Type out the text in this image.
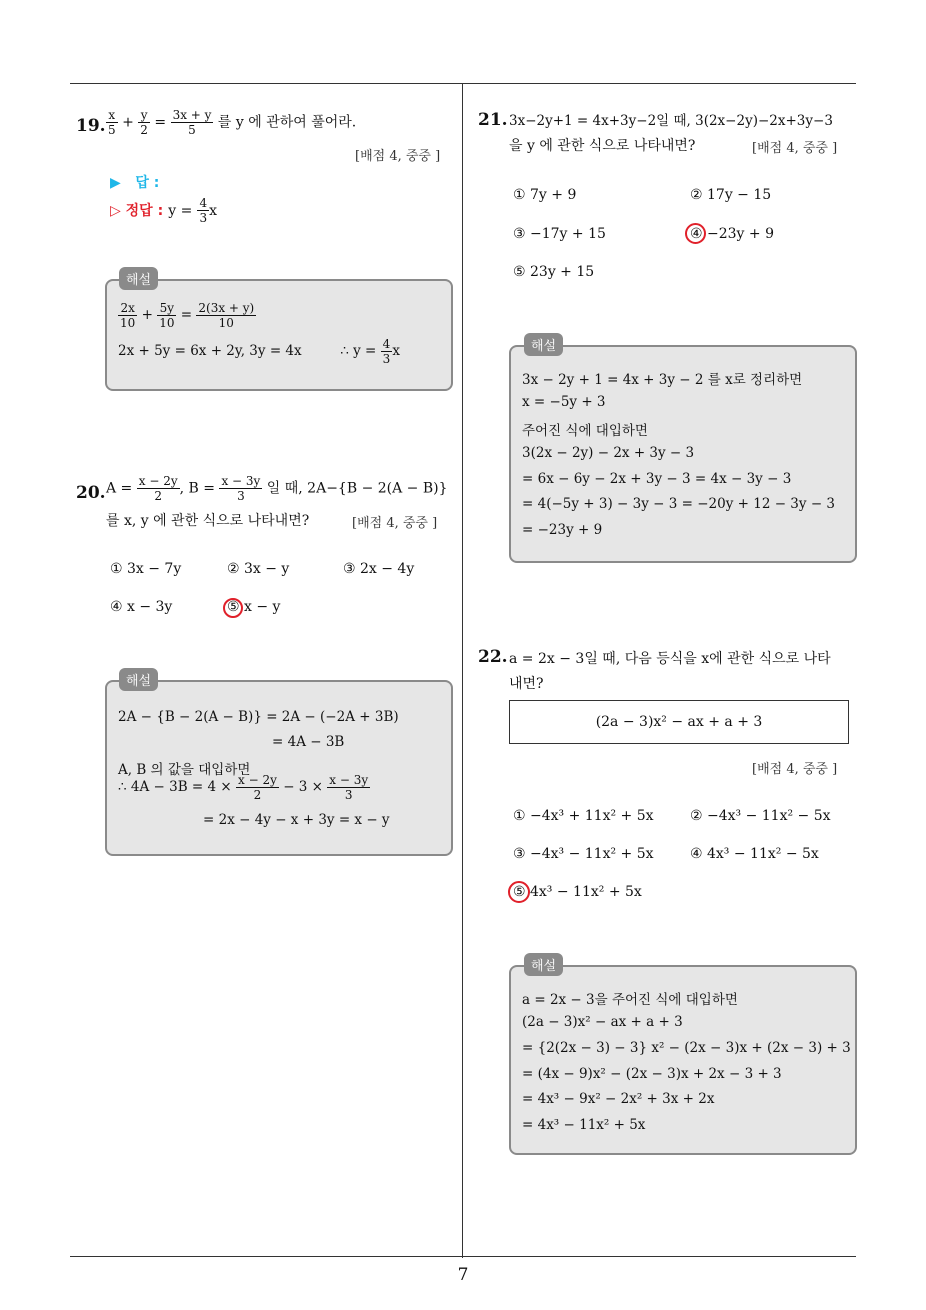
19. $\frac{x}{5} + \frac{y}{2} = \frac{3x + y}{5}$ 를 y 에 관하여 풀어라.
[배점 4, 중중 ]
▶   답 :
▷ 정답 : $y = \frac{4}{3}$ x
해설
$\frac{2x}{10} + \frac{5y}{10} = \frac{2(3x + y)}{10}$
2x + 5y = 6x + 2y, 3y = 4x	∴ $y = \frac{4}{3}$ x
20. $A = \frac{x - 2y}{2}$ , $B = \frac{x - 3y}{3}$ 일 때, 2A−{B − 2(A − B)}
를 x, y 에 관한 식으로 나타내면?	[배점 4, 중중 ]
① 3x − 7y	② 3x − y	③ 2x − 4y
④ x − 3y	⑤ x − y
해설
2A − {B − 2(A − B)} = 2A − (−2A + 3B)
= 4A − 3B
A, B 의 값을 대입하면
∴ $4A - 3B = 4 \times \frac{x - 2y}{2} - 3 \times \frac{x - 3y}{3}$
= 2x − 4y − x + 3y = x − y
21. 3x−2y+1 = 4x+3y−2일 때, 3(2x−2y)−2x+3y−3
을 y 에 관한 식으로 나타내면?	[배점 4, 중중 ]
① 7y + 9	② 17y − 15
③ −17y + 15	④ −23y + 9
⑤ 23y + 15
해설
3x − 2y + 1 = 4x + 3y − 2 를 x로 정리하면
x = −5y + 3
주어진 식에 대입하면
3(2x − 2y) − 2x + 3y − 3
= 6x − 6y − 2x + 3y − 3 = 4x − 3y − 3
= 4(−5y + 3) − 3y − 3 = −20y + 12 − 3y − 3
= −23y + 9
22. a = 2x − 3일 때, 다음 등식을 x에 관한 식으로 나타
내면?
(2a − 3)x² − ax + a + 3
[배점 4, 중중 ]
① −4x³ + 11x² + 5x	② −4x³ − 11x² − 5x
③ −4x³ − 11x² + 5x	④ 4x³ − 11x² − 5x
⑤ 4x³ − 11x² + 5x
해설
a = 2x − 3을 주어진 식에 대입하면
(2a − 3)x² − ax + a + 3
= {2(2x − 3) − 3} x² − (2x − 3)x + (2x − 3) + 3
= (4x − 9)x² − (2x − 3)x + 2x − 3 + 3
= 4x³ − 9x² − 2x² + 3x + 2x
= 4x³ − 11x² + 5x
7
